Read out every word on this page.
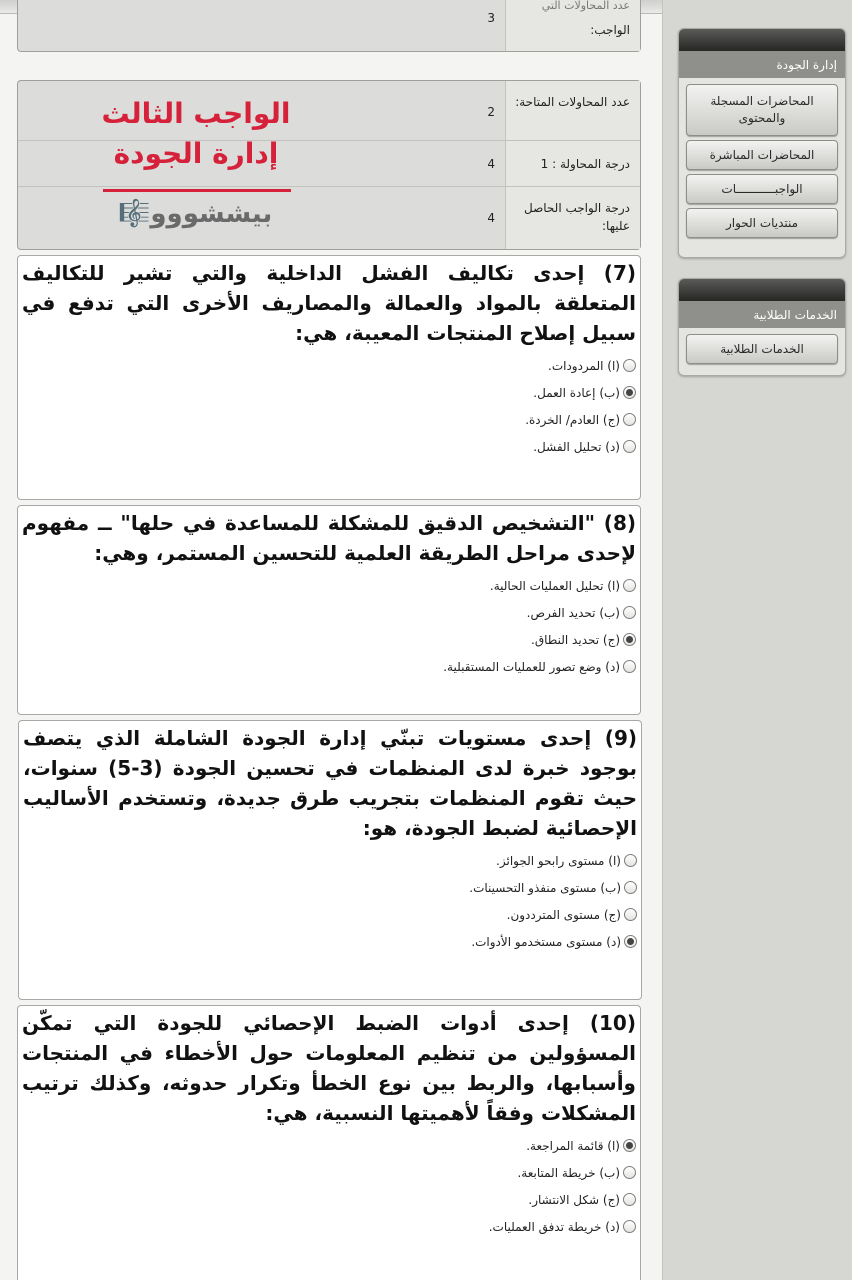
عدد المحاولات التي
الواجب:
3
عدد المحاولات المتاحة:
2
درجة المحاولة : 1
4
درجة الواجب الحاصل عليها:
4
الواجب الثالث
إدارة الجودة
بيششووو🎼
(7) إحدى تكاليف الفشل الداخلية والتي تشير للتكاليف المتعلقة بالمواد والعمالة والمصاريف الأخرى التي تدفع في سبيل إصلاح المنتجات المعيبة، هي:
(ا) المردودات.
(ب) إعادة العمل.
(ج) العادم/ الخردة.
(د) تحليل الفشل.
(8) "التشخيص الدقيق للمشكلة للمساعدة في حلها" ــ مفهوم لإحدى مراحل الطريقة العلمية للتحسين المستمر، وهي:
(ا) تحليل العمليات الحالية.
(ب) تحديد الفرص.
(ج) تحديد النطاق.
(د) وضع تصور للعمليات المستقبلية.
(9) إحدى مستويات تبنّي إدارة الجودة الشاملة الذي يتصف بوجود خبرة لدى المنظمات في تحسين الجودة (3-5) سنوات، حيث تقوم المنظمات بتجريب طرق جديدة، وتستخدم الأساليب الإحصائية لضبط الجودة، هو:
(ا) مستوى رابحو الجوائز.
(ب) مستوى منفذو التحسينات.
(ج) مستوى المترددون.
(د) مستوى مستخدمو الأدوات.
(10) إحدى أدوات الضبط الإحصائي للجودة التي تمكّن المسؤولين من تنظيم المعلومات حول الأخطاء في المنتجات وأسبابها، والربط بين نوع الخطأ وتكرار حدوثه، وكذلك ترتيب المشكلات وفقاً لأهميتها النسبية، هي:
(ا) قائمة المراجعة.
(ب) خريطة المتابعة.
(ج) شكل الانتشار.
(د) خريطة تدفق العمليات.
إدارة الجودة
المحاضرات المسجلة والمحتوى
المحاضرات المباشرة
الواجبـــــــــــات
منتديات الحوار
الخدمات الطلابية
الخدمات الطلابية
